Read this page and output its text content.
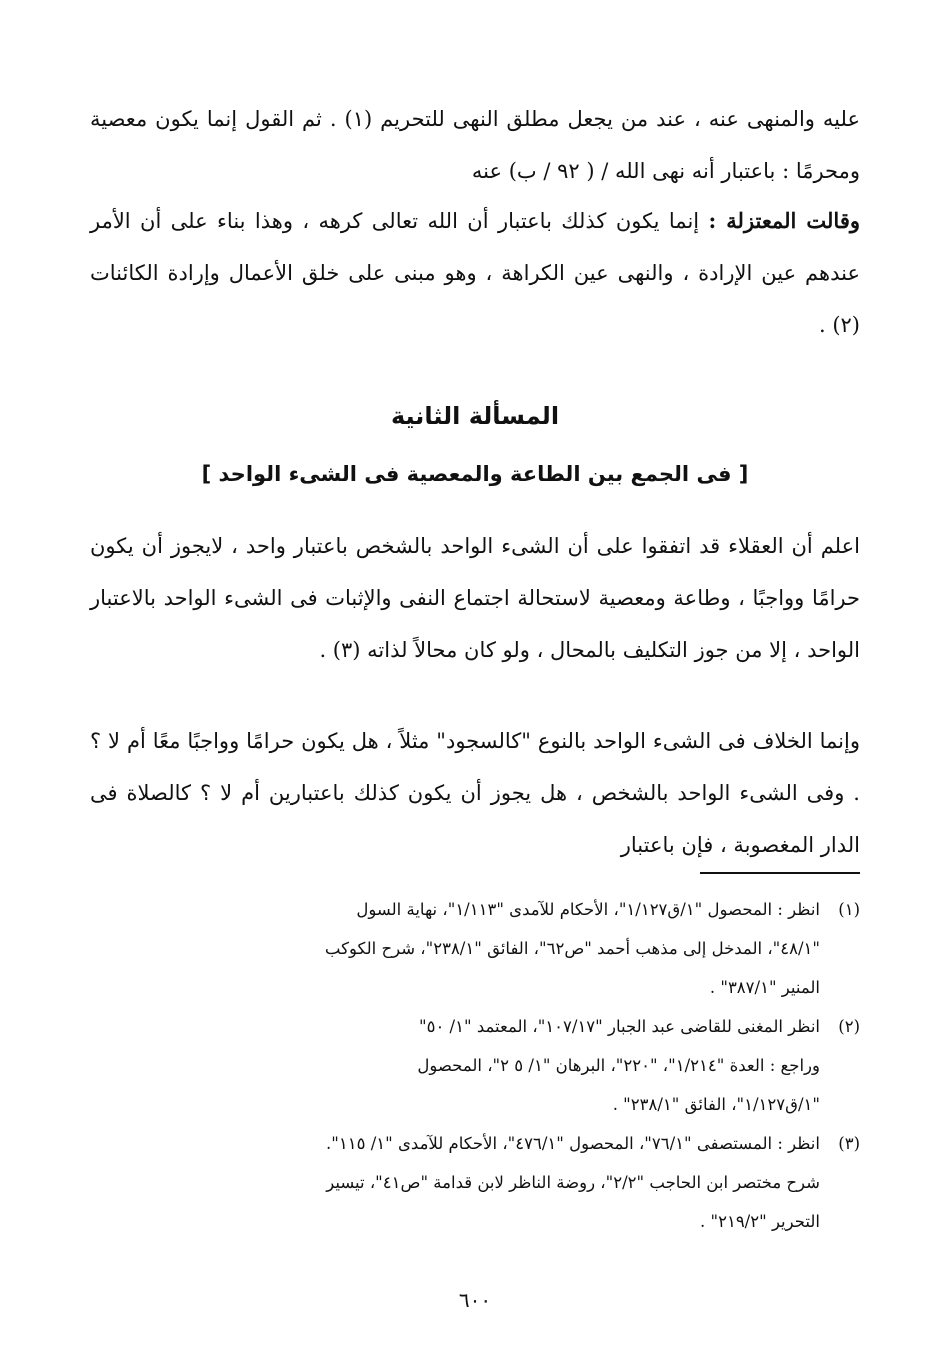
عليه والمنهى عنه ، عند من يجعل مطلق النهى للتحريم (١) . ثم القول إنما يكون معصية ومحرمًا : باعتبار أنه نهى الله / ( ٩٢ / ب) عنه

وقالت المعتزلة : إنما يكون كذلك باعتبار أن الله تعالى كرهه ، وهذا بناء على أن الأمر عندهم عين الإرادة ، والنهى عين الكراهة ، وهو مبنى على خلق الأعمال وإرادة الكائنات (٢) .

المسألة الثانية
[ فى الجمع بين الطاعة والمعصية فى الشىء الواحد ]

اعلم أن العقلاء قد اتفقوا على أن الشىء الواحد بالشخص باعتبار واحد ، لايجوز أن يكون حرامًا وواجبًا ، وطاعة ومعصية لاستحالة اجتماع النفى والإثبات فى الشىء الواحد بالاعتبار الواحد ، إلا من جوز التكليف بالمحال ، ولو كان محالاً لذاته (٣) .

وإنما الخلاف فى الشىء الواحد بالنوع "كالسجود" مثلاً ، هل يكون حرامًا وواجبًا معًا أم لا ؟ . وفى الشىء الواحد بالشخص ، هل يجوز أن يكون كذلك باعتبارين أم لا ؟ كالصلاة فى الدار المغصوبة ، فإن باعتبار

(١)
انظر : المحصول "١/ق١/١٢٧"، الأحكام للآمدى "١/١١٣"، نهاية السول
"٤٨/١"، المدخل إلى مذهب أحمد "ص٦٢"، الفائق "٢٣٨/١"، شرح الكوكب
المنير "٣٨٧/١" .
(٢)
انظر المغنى للقاضى عبد الجبار "١٠٧/١٧"، المعتمد "١/ ٥٠"
وراجع : العدة "١/٢١٤"، "٢٢٠"، البرهان "١/ ٥ ٢"، المحصول
"١/ق١/١٢٧"، الفائق "٢٣٨/١" .
(٣)
انظر : المستصفى "٧٦/١"، المحصول "٤٧٦/١"، الأحكام للآمدى "١/ ١١٥".
شرح مختصر ابن الحاجب "٢/٢"، روضة الناظر لابن قدامة "ص٤١"، تيسير
التحرير "٢١٩/٢" .
٦٠٠
